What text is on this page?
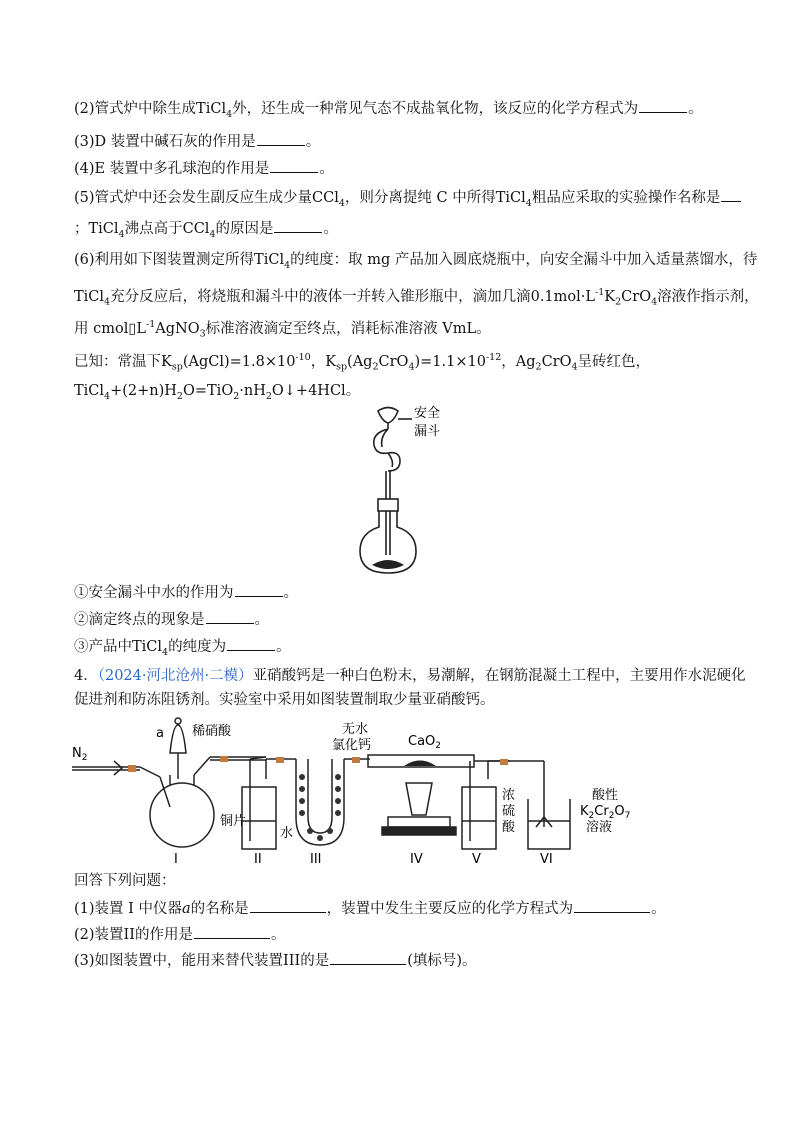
(2)管式炉中除生成TiCl$_4$外，还生成一种常见气态不成盐氧化物，该反应的化学方程式为	。
(3)D 装置中碱石灰的作用是	。
(4)E 装置中多孔球泡的作用是	。
(5)管式炉中还会发生副反应生成少量CCl$_4$，则分离提纯 C 中所得TiCl$_4$粗品应采取的实验操作名称是
；TiCl$_4$沸点高于CCl$_4$的原因是	。
(6)利用如下图装置测定所得TiCl$_4$的纯度：取 mg 产品加入圆底烧瓶中，向安全漏斗中加入适量蒸馏水，待
TiCl$_4$充分反应后，将烧瓶和漏斗中的液体一并转入锥形瓶中，滴加几滴$0.1mol\cdot L^{-1}K_2CrO_4$溶液作指示剂，
用 $cmol▯L^{-1}AgNO_3$标准溶液滴定至终点，消耗标准溶液 VmL。
已知：常温下$K_{sp}(AgCl)=1.8\times 10^{-10}$，$K_{sp}(Ag_2CrO_4)=1.1\times 10^{-12}$，$Ag_2CrO_4$呈砖红色，
$TiCl_4+(2+n)H_2O=TiO_2\cdot nH_2O↓+4HCl$。
安全
漏斗
①安全漏斗中水的作用为	。
②滴定终点的现象是	。
③产品中TiCl$_4$的纯度为	。
4．（2024·河北沧州·二模）亚硝酸钙是一种白色粉末，易潮解，在钢筋混凝土工程中，主要用作水泥硬化
促进剂和防冻阻锈剂。实验室中采用如图装置制取少量亚硝酸钙。
$N_2$
a 稀硝酸
铜片
水
无水
氯化钙	CaO$_2$
浓
硫
酸
酸性
$K_2Cr_2O_7$
溶液
I	II	III	IV	V	VI
回答下列问题：
(1)装置 I 中仪器a的名称是	，装置中发生主要反应的化学方程式为	。
(2)装置II的作用是	。
(3)如图装置中，能用来替代装置III的是	(填标号)。
